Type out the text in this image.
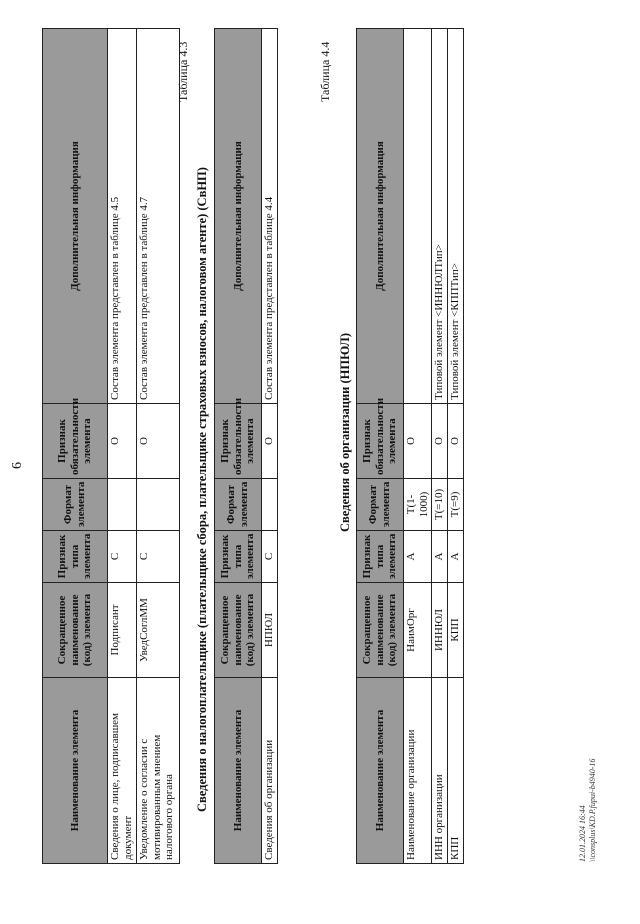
6
Наименование элемента	Сокращенное наименование (код) элемента	Признак типа элемента	Формат элемента	Признак обязательности элемента	Дополнительная информация
Сведения о лице, подписавшем документ	Подписант	С		О	Состав элемента представлен в таблице 4.5
Уведомление о согласии с мотивированным мнением налогового органа	УведСоглММ	С		О	Состав элемента представлен в таблице 4.7
Таблица 4.3
Сведения о налогоплательщике (плательщике сбора, плательщике страховых взносов, налоговом агенте) (СвНП) Наименование элемента	Сокращенное наименование (код) элемента	Признак типа элемента	Формат элемента	Признак обязательности элемента	Дополнительная информация
Сведения об организации	НПЮЛ	С		О	Состав элемента представлен в таблице 4.4
Таблица 4.4
Сведения об организации (НПЮЛ)
Наименование элемента	Сокращенное наименование (код) элемента	Признак типа элемента	Формат элемента	Признак обязательности элемента	Дополнительная информация
Наименование организации	НаимОрг	А	T(1-1000)	О	
ИНН организации	ИННЮЛ	А	T(=10)	О	Типовой элемент <ИННЮЛТип>
КПП	КПП	А	T(=9)	О	Типовой элемент <КППТип>
12.01.2024 16:44 \\consplus\KD.P.fupui-b4940-16
